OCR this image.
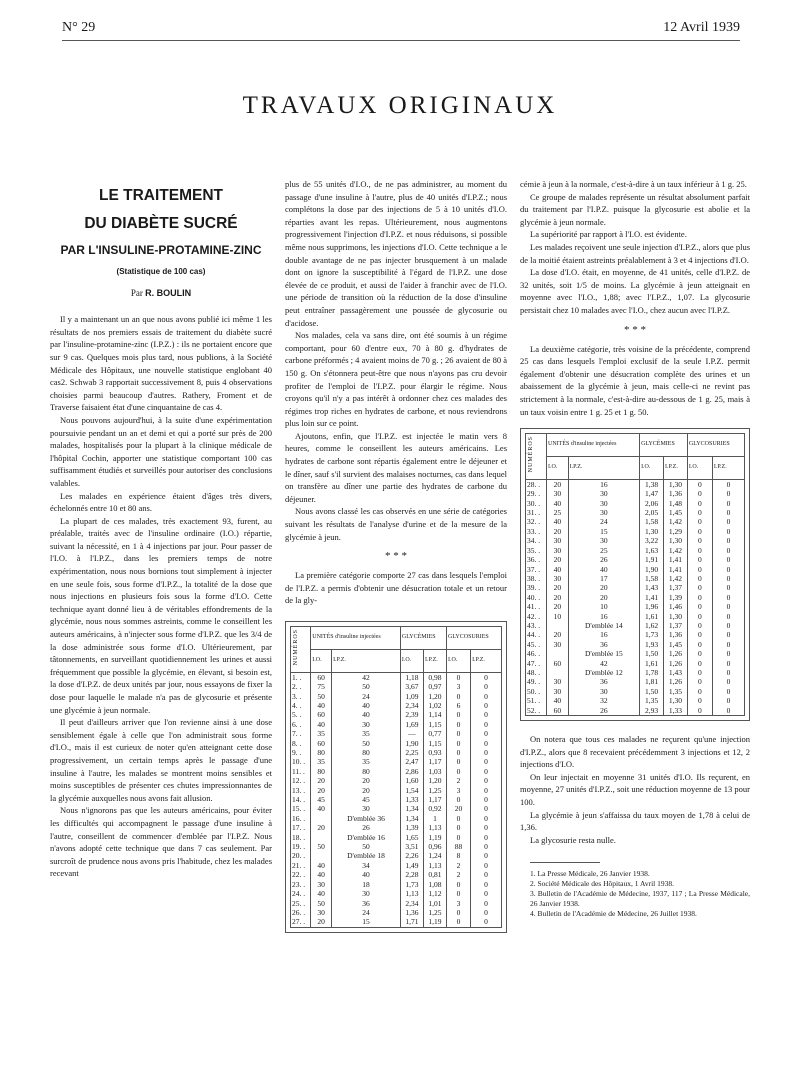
N° 29	12 Avril 1939
TRAVAUX ORIGINAUX
LE TRAITEMENT
DU DIABÈTE SUCRÉ
PAR L'INSULINE-PROTAMINE-ZINC
(Statistique de 100 cas)
Par R. BOULIN

Il y a maintenant un an que nous avons publié ici même 1 les résultats de nos premiers essais de traitement du diabète sucré par l'insuline-protamine-zinc (I.P.Z.) : ils ne portaient encore que sur 9 cas. Quelques mois plus tard, nous publions, à la Société Médicale des Hôpitaux, une nouvelle statistique englobant 40 cas2. Schwab 3 rapportait successivement 8, puis 4 observations choisies parmi beaucoup d'autres. Rathery, Froment et de Traverse faisaient état d'une cinquantaine de cas 4.

Nous pouvons aujourd'hui, à la suite d'une expérimentation poursuivie pendant un an et demi et qui a porté sur près de 200 malades, hospitalisés pour la plupart à la clinique médicale de l'hôpital Cochin, apporter une statistique comportant 100 cas suffisamment étudiés et surveillés pour autoriser des conclusions valables.

Les malades en expérience étaient d'âges très divers, échelonnés entre 10 et 80 ans.

La plupart de ces malades, très exactement 93, furent, au préalable, traités avec de l'insuline ordinaire (I.O.) répartie, suivant la nécessité, en 1 à 4 injections par jour. Pour passer de l'I.O. à l'I.P.Z., dans les premiers temps de notre expérimentation, nous nous bornions tout simplement à injecter en une seule fois, sous forme d'I.P.Z., la totalité de la dose que nous injections en plusieurs fois sous la forme d'I.O. Cette technique ayant donné lieu à de véritables effondrements de la glycémie, nous nous sommes astreints, comme le conseillent les auteurs américains, à n'injecter sous forme d'I.P.Z. que les 3/4 de la dose administrée sous forme d'I.O. Ultérieurement, par tâtonnements, en surveillant quotidiennement les urines et aussi fréquemment que possible la glycémie, en élevant, si besoin est, la dose d'I.P.Z. de deux unités par jour, nous essayons de fixer la dose pour laquelle le malade n'a pas de glycosurie et présente une glycémie à jeun normale.

Il peut d'ailleurs arriver que l'on revienne ainsi à une dose sensiblement égale à celle que l'on administrait sous forme d'I.O., mais il est curieux de noter qu'en atteignant cette dose progressivement, un certain temps après le passage d'une insuline à l'autre, les malades se montrent moins sensibles et moins susceptibles de présenter ces chutes impressionnantes de la glycémie auxquelles nous avons fait allusion.

Nous n'ignorons pas que les auteurs américains, pour éviter les difficultés qui accompagnent le passage d'une insuline à l'autre, conseillent de commencer d'emblée par l'I.P.Z. Nous n'avons adopté cette technique que dans 7 cas seulement. Par surcroît de prudence nous avons pris l'habitude, chez les malades recevant

plus de 55 unités d'I.O., de ne pas administrer, au moment du passage d'une insuline à l'autre, plus de 40 unités d'I.P.Z.; nous complétons la dose par des injections de 5 à 10 unités d'I.O. réparties avant les repas. Ultérieurement, nous augmentons progressivement l'injection d'I.P.Z. et nous réduisons, si possible même nous supprimons, les injections d'I.O. Cette technique a le double avantage de ne pas injecter brusquement à un malade dont on ignore la susceptibilité à l'égard de l'I.P.Z. une dose élevée de ce produit, et aussi de l'aider à franchir avec de l'I.O. une période de transition où la réduction de la dose d'insuline peut entraîner passagèrement une poussée de glycosurie ou d'acidose.

Nos malades, cela va sans dire, ont été soumis à un régime comportant, pour 60 d'entre eux, 70 à 80 g. d'hydrates de carbone préformés ; 4 avaient moins de 70 g. ; 26 avaient de 80 à 150 g. On s'étonnera peut-être que nous n'ayons pas cru devoir profiter de l'emploi de l'I.P.Z. pour élargir le régime. Nous croyons qu'il n'y a pas intérêt à ordonner chez ces malades des régimes trop riches en hydrates de carbone, et nous reviendrons plus loin sur ce point.

Ajoutons, enfin, que l'I.P.Z. est injectée le matin vers 8 heures, comme le conseillent les auteurs américains. Les hydrates de carbone sont répartis également entre le déjeuner et le dîner, sauf s'il survient des malaises nocturnes, cas dans lequel on transfère au dîner une partie des hydrates de carbone du déjeuner.

Nous avons classé les cas observés en une série de catégories suivant les résultats de l'analyse d'urine et de la mesure de la glycémie à jeun.

* * *

La première catégorie comporte 27 cas dans lesquels l'emploi de l'I.P.Z. a permis d'obtenir une désucration totale et un retour de la gly-

NUMÉROS	UNITÉS d'insuline injectées		GLYCÉMIES		GLYCOSURIES	
	I.O.	I.P.Z.	I.O.	I.P.Z.	I.O.	I.P.Z.
1. .	60	42	1,18	0,98	0	0
2. .	75	50	3,67	0,97	3	0
3. .	50	24	1,09	1,20	0	0
4. .	40	40	2,34	1,02	6	0
5. .	60	40	2,39	1,14	0	0
6. .	40	30	1,69	1,15	0	0
7. .	35	35	—	0,77	0	0
8. .	60	50	1,90	1,15	0	0
9. .	80	80	2,25	0,93	0	0
10. .	35	35	2,47	1,17	0	0
11. .	80	80	2,86	1,03	0	0
12. .	20	20	1,60	1,20	2	0
13. .	20	20	1,54	1,25	3	0
14. .	45	45	1,33	1,17	0	0
15. .	40	30	1,34	0,92	20	0
16. .		D'emblée 36	1,34	1	0	0
17. .	20	26	1,39	1,13	0	0
18. .		D'emblée 16	1,65	1,19	0	0
19. .	50	50	3,51	0,96	88	0
20. .		D'emblée 18	2,26	1,24	8	0
21. .	40	34	1,49	1,13	2	0
22. .	40	40	2,28	0,81	2	0
23. .	30	18	1,73	1,08	0	0
24. .	40	30	1,13	1,12	0	0
25. .	50	36	2,34	1,01	3	0
26. .	30	24	1,36	1,25	0	0
27. .	20	15	1,71	1,19	0	0

cémie à jeun à la normale, c'est-à-dire à un taux inférieur à 1 g. 25.

Ce groupe de malades représente un résultat absolument parfait du traitement par l'I.P.Z. puisque la glycosurie est abolie et la glycémie à jeun normale.

La supériorité par rapport à l'I.O. est évidente.

Les malades reçoivent une seule injection d'I.P.Z., alors que plus de la moitié étaient astreints préalablement à 3 et 4 injections d'I.O.

La dose d'I.O. était, en moyenne, de 41 unités, celle d'I.P.Z. de 32 unités, soit 1/5 de moins. La glycémie à jeun atteignait en moyenne avec l'I.O., 1,88; avec l'I.P.Z., 1,07. La glycosurie persistait chez 10 malades avec l'I.O., chez aucun avec l'I.P.Z.

* * *

La deuxième catégorie, très voisine de la précédente, comprend 25 cas dans lesquels l'emploi exclusif de la seule I.P.Z. permit également d'obtenir une désucration complète des urines et un abaissement de la glycémie à jeun, mais celle-ci ne revint pas strictement à la normale, c'est-à-dire au-dessous de 1 g. 25, mais à un taux voisin entre 1 g. 25 et 1 g. 50.

NUMÉROS	UNITÉS d'insuline injectées		GLYCÉMIES		GLYCOSURIES	
	I.O.	I.P.Z.	I.O.	I.P.Z.	I.O.	I.P.Z.
28. .	20	16	1,38	1,30	0	0
29. .	30	30	1,47	1,36	0	0
30. .	40	30	2,06	1,48	0	0
31. .	25	30	2,05	1,45	0	0
32. .	40	24	1,58	1,42	0	0
33. .	20	15	1,30	1,29	0	0
34. .	30	30	3,22	1,30	0	0
35. .	30	25	1,63	1,42	0	0
36. .	20	26	1,91	1,41	0	0
37. .	40	40	1,90	1,41	0	0
38. .	30	17	1,58	1,42	0	0
39. .	20	20	1,43	1,37	0	0
40. .	20	20	1,41	1,39	0	0
41. .	20	10	1,96	1,46	0	0
42. .	10	16	1,61	1,30	0	0
43. .		D'emblée 14	1,62	1,37	0	0
44. .	20	16	1,73	1,36	0	0
45. .	30	36	1,93	1,45	0	0
46. .		D'emblée 15	1,50	1,26	0	0
47. .	60	42	1,61	1,26	0	0
48. .		D'emblée 12	1,78	1,43	0	0
49. .	30	36	1,81	1,26	0	0
50. .	30	30	1,50	1,35	0	0
51. .	40	32	1,35	1,30	0	0
52. .	60	26	2,93	1,33	0	0

On notera que tous ces malades ne reçurent qu'une injection d'I.P.Z., alors que 8 recevaient précédemment 3 injections et 12, 2 injections d'I.O.

On leur injectait en moyenne 31 unités d'I.O. Ils reçurent, en moyenne, 27 unités d'I.P.Z., soit une réduction moyenne de 13 pour 100.

La glycémie à jeun s'affaissa du taux moyen de 1,78 à celui de 1,36.

La glycosurie resta nulle.

1. La Presse Médicale, 26 Janvier 1938.
2. Société Médicale des Hôpitaux, 1 Avril 1938.
3. Bulletin de l'Académie de Médecine, 1937, 117 ; La Presse Médicale, 26 Janvier 1938.
4. Bulletin de l'Académie de Médecine, 26 Juillet 1938.
